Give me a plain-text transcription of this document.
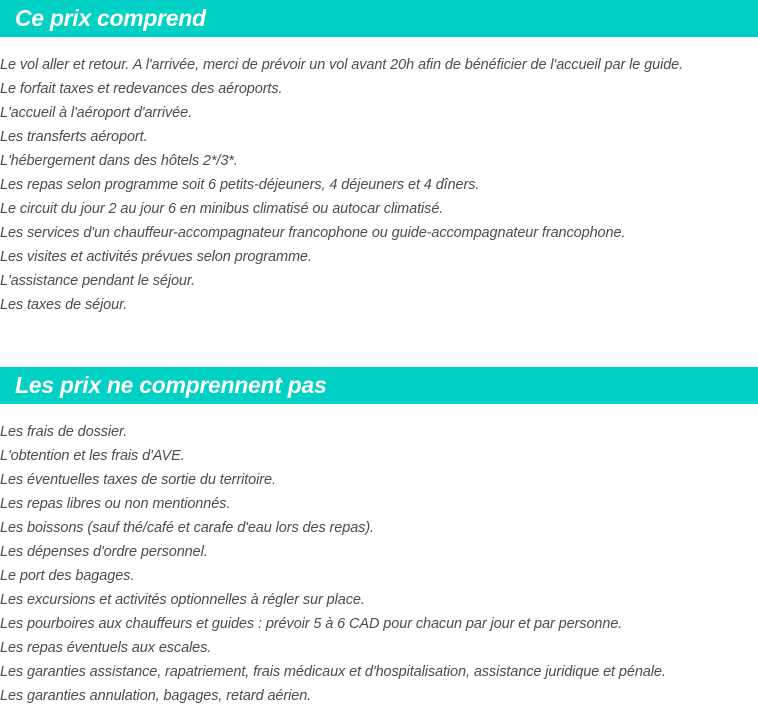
Ce prix comprend
Le vol aller et retour. A l'arrivée, merci de prévoir un vol avant 20h afin de bénéficier de l'accueil par le guide.
Le forfait taxes et redevances des aéroports.
L'accueil à l'aéroport d'arrivée.
Les transferts aéroport.
L'hébergement dans des hôtels 2*/3*.
Les repas selon programme soit 6 petits-déjeuners, 4 déjeuners et 4 dîners.
Le circuit du jour 2 au jour 6 en minibus climatisé ou autocar climatisé.
Les services d'un chauffeur-accompagnateur francophone ou guide-accompagnateur francophone.
Les visites et activités prévues selon programme.
L'assistance pendant le séjour.
Les taxes de séjour.
Les prix ne comprennent pas
Les frais de dossier.
L'obtention et les frais d'AVE.
Les éventuelles taxes de sortie du territoire.
Les repas libres ou non mentionnés.
Les boissons (sauf thé/café et carafe d'eau lors des repas).
Les dépenses d'ordre personnel.
Le port des bagages.
Les excursions et activités optionnelles à régler sur place.
Les pourboires aux chauffeurs et guides : prévoir 5 à 6 CAD pour chacun par jour et par personne.
Les repas éventuels aux escales.
Les garanties assistance, rapatriement, frais médicaux et d'hospitalisation, assistance juridique et pénale.
Les garanties annulation, bagages, retard aérien.
